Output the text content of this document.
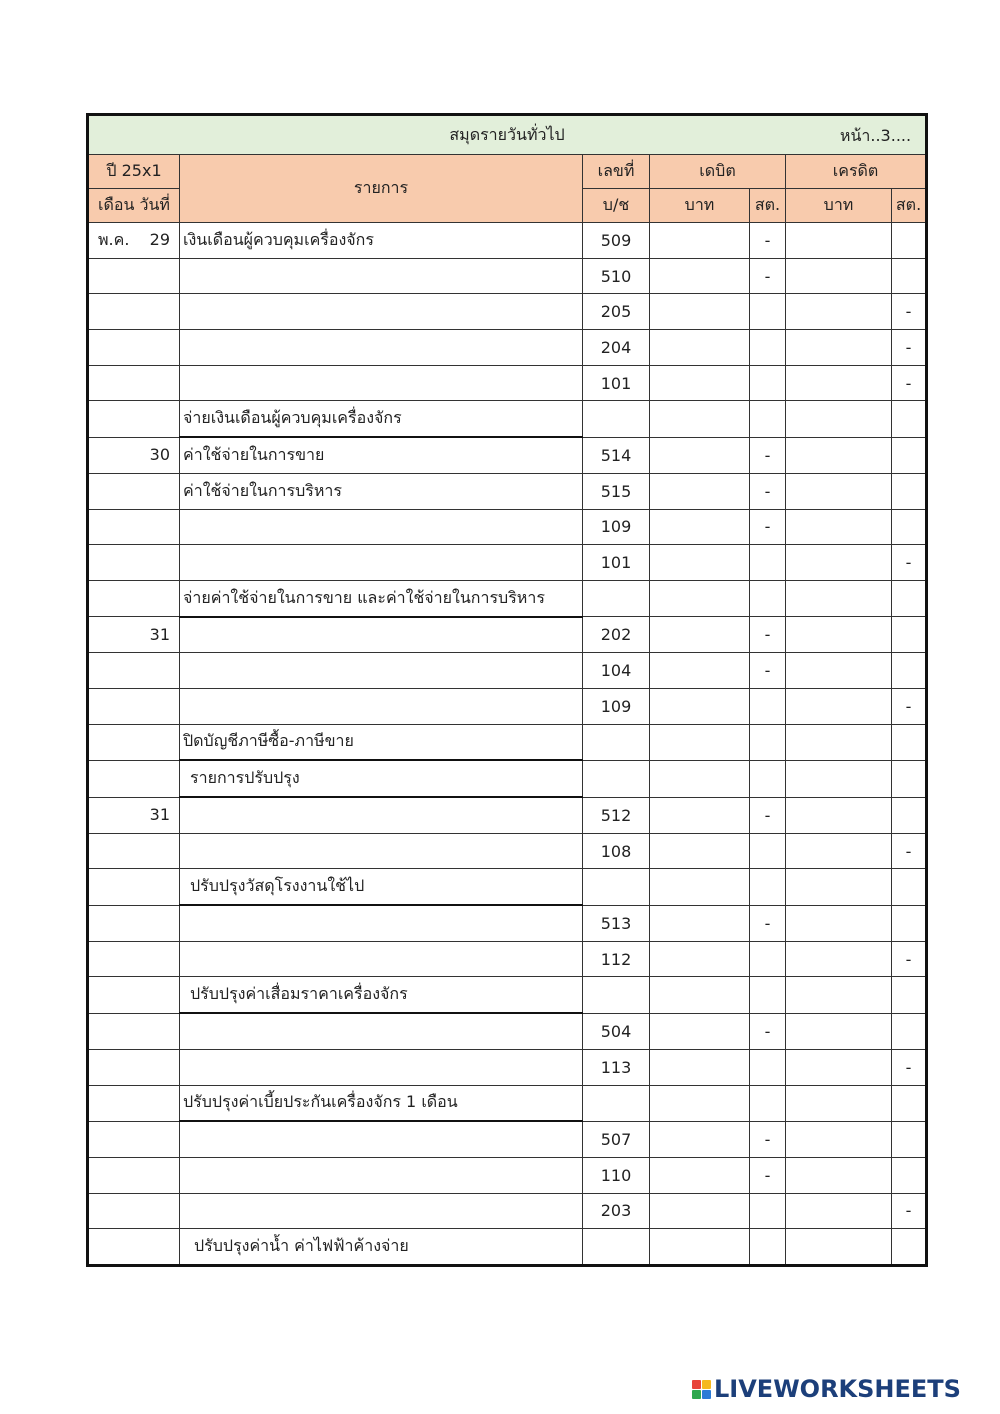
สมุดรายวันทั่วไป หน้า..3....						

ปี 25x1	รายการ	เลขที่	เดบิต		เครดิต	
เดือน วันที่		บ/ช	บาท	สต.	บาท	สต.

พ.ค. 29	เงินเดือนผู้ควบคุมเครื่องจักร	509		-		

		510		-		

		205				-

		204				-

		101				-

	จ่ายเงินเดือนผู้ควบคุมเครื่องจักร					

30	ค่าใช้จ่ายในการขาย	514		-		

	ค่าใช้จ่ายในการบริหาร	515		-		

		109		-		

		101				-

	จ่ายค่าใช้จ่ายในการขาย และค่าใช้จ่ายในการบริหาร					

31		202		-		

		104		-		

		109				-

	ปิดบัญชีภาษีซื้อ-ภาษีขาย					

	รายการปรับปรุง					

31		512		-		

		108				-

	ปรับปรุงวัสดุโรงงานใช้ไป					

		513		-		

		112				-

	ปรับปรุงค่าเสื่อมราคาเครื่องจักร					

		504		-		

		113				-

	ปรับปรุงค่าเบี้ยประกันเครื่องจักร 1 เดือน					

		507		-		

		110		-		

		203				-

	ปรับปรุงค่าน้ำ ค่าไฟฟ้าค้างจ่าย					
LIVEWORKSHEETS
